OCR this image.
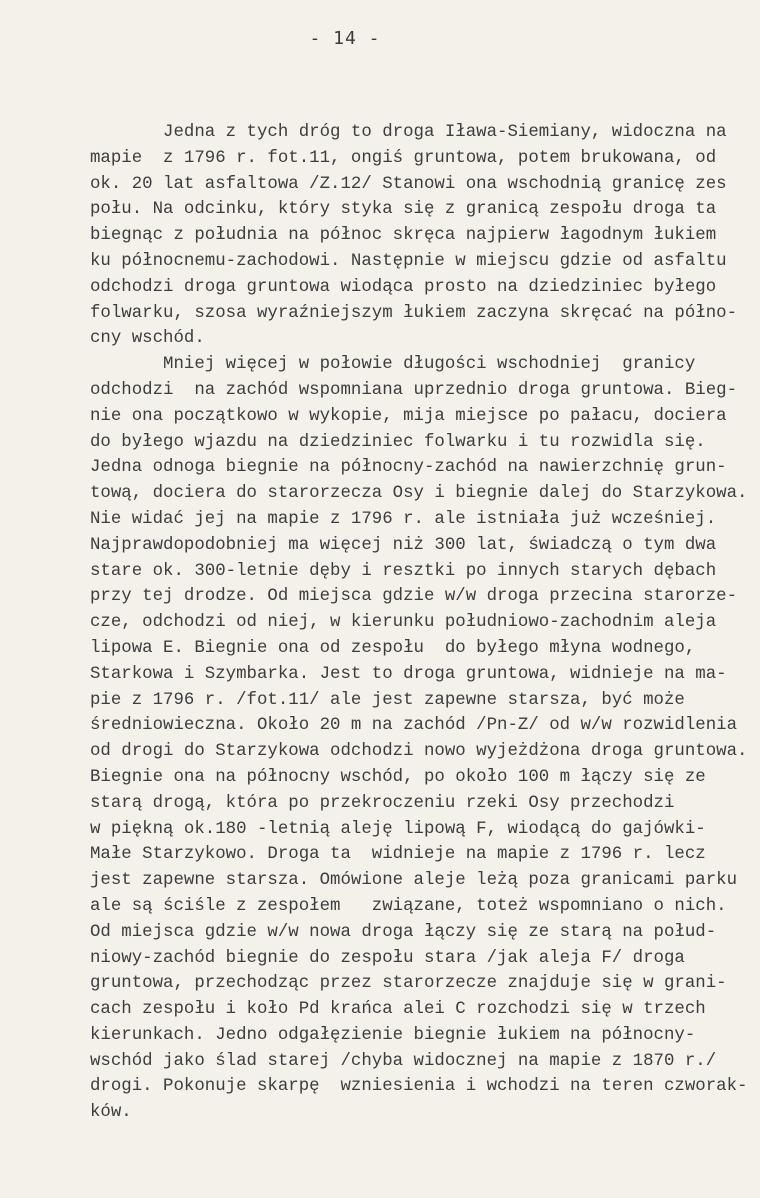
- 14 -
Jedna z tych dróg to droga Iława-Siemiany, widoczna na
mapie  z 1796 r. fot.11, ongiś gruntowa, potem brukowana, od
ok. 20 lat asfaltowa /Z.12/ Stanowi ona wschodnią granicę zes
połu. Na odcinku, który styka się z granicą zespołu droga ta
biegnąc z południa na północ skręca najpierw łagodnym łukiem
ku północnemu-zachodowi. Następnie w miejscu gdzie od asfaltu
odchodzi droga gruntowa wiodąca prosto na dziedziniec byłego
folwarku, szosa wyraźniejszym łukiem zaczyna skręcać na półno-
cny wschód.
Mniej więcej w połowie długości wschodniej  granicy
odchodzi  na zachód wspomniana uprzednio droga gruntowa. Bieg-
nie ona początkowo w wykopie, mija miejsce po pałacu, dociera
do byłego wjazdu na dziedziniec folwarku i tu rozwidla się.
Jedna odnoga biegnie na północny-zachód na nawierzchnię grun-
tową, dociera do starorzecza Osy i biegnie dalej do Starzykowa.
Nie widać jej na mapie z 1796 r. ale istniała już wcześniej.
Najprawdopodobniej ma więcej niż 300 lat, świadczą o tym dwa
stare ok. 300-letnie dęby i resztki po innych starych dębach
przy tej drodze. Od miejsca gdzie w/w droga przecina starorze-
cze, odchodzi od niej, w kierunku południowo-zachodnim aleja
lipowa E. Biegnie ona od zespołu  do byłego młyna wodnego,
Starkowa i Szymbarka. Jest to droga gruntowa, widnieje na ma-
pie z 1796 r. /fot.11/ ale jest zapewne starsza, być może
średniowieczna. Około 20 m na zachód /Pn-Z/ od w/w rozwidlenia
od drogi do Starzykowa odchodzi nowo wyjeżdżona droga gruntowa.
Biegnie ona na północny wschód, po około 100 m łączy się ze
starą drogą, która po przekroczeniu rzeki Osy przechodzi
w piękną ok.180 -letnią aleję lipową F, wiodącą do gajówki-
Małe Starzykowo. Droga ta  widnieje na mapie z 1796 r. lecz
jest zapewne starsza. Omówione aleje leżą poza granicami parku
ale są ściśle z zespołem   związane, toteż wspomniano o nich.
Od miejsca gdzie w/w nowa droga łączy się ze starą na połud-
niowy-zachód biegnie do zespołu stara /jak aleja F/ droga
gruntowa, przechodząc przez starorzecze znajduje się w grani-
cach zespołu i koło Pd krańca alei C rozchodzi się w trzech
kierunkach. Jedno odgałęzienie biegnie łukiem na północny-
wschód jako ślad starej /chyba widocznej na mapie z 1870 r./
drogi. Pokonuje skarpę  wzniesienia i wchodzi na teren czworak-
ków.
